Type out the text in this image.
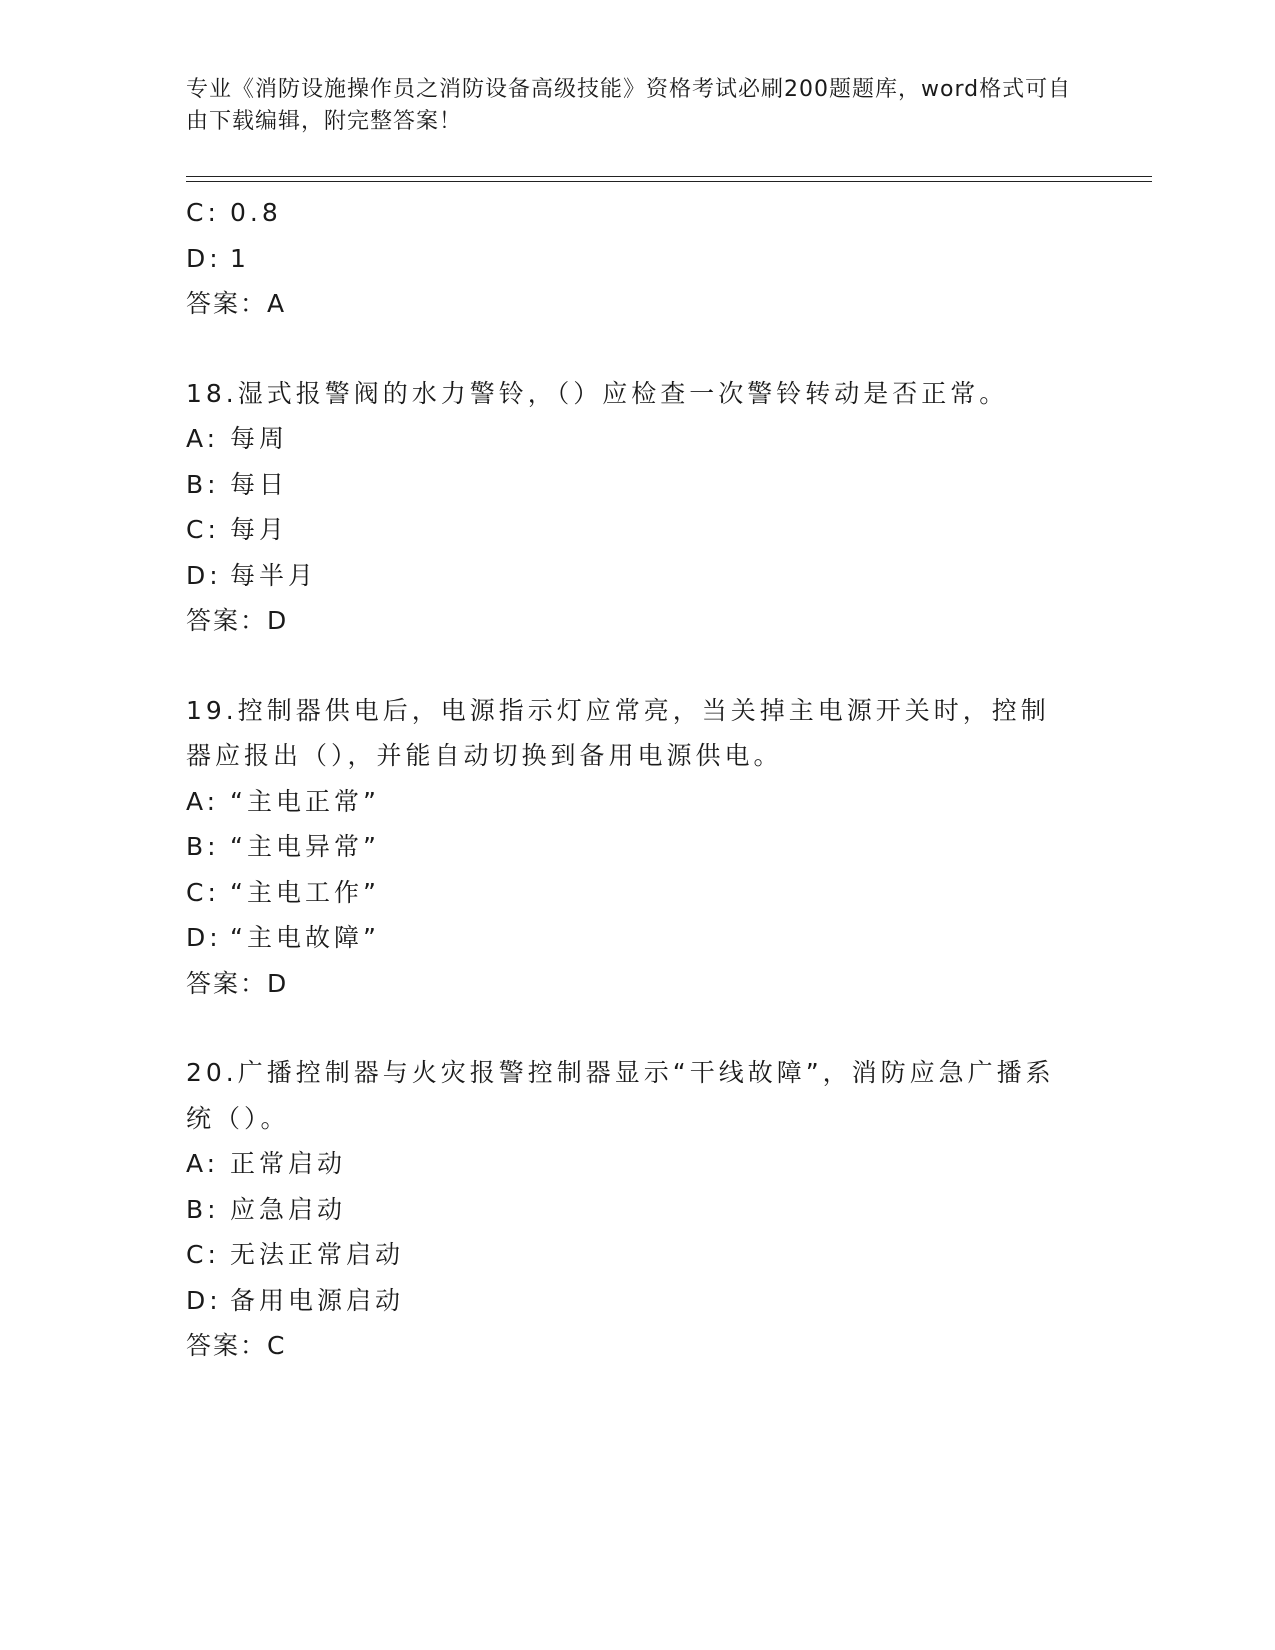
专业《消防设施操作员之消防设备高级技能》资格考试必刷200题题库，word格式可自由下载编辑，附完整答案！
C: 0.8
D: 1
答案：A
18.湿式报警阀的水力警铃，（）应检查一次警铃转动是否正常。
A: 每周
B: 每日
C: 每月
D: 每半月
答案：D
19.控制器供电后，电源指示灯应常亮，当关掉主电源开关时，控制器应报出（），并能自动切换到备用电源供电。
A: “主电正常”
B: “主电异常”
C: “主电工作”
D: “主电故障”
答案：D
20.广播控制器与火灾报警控制器显示“干线故障”，消防应急广播系统（）。
A: 正常启动
B: 应急启动
C: 无法正常启动
D: 备用电源启动
答案：C
